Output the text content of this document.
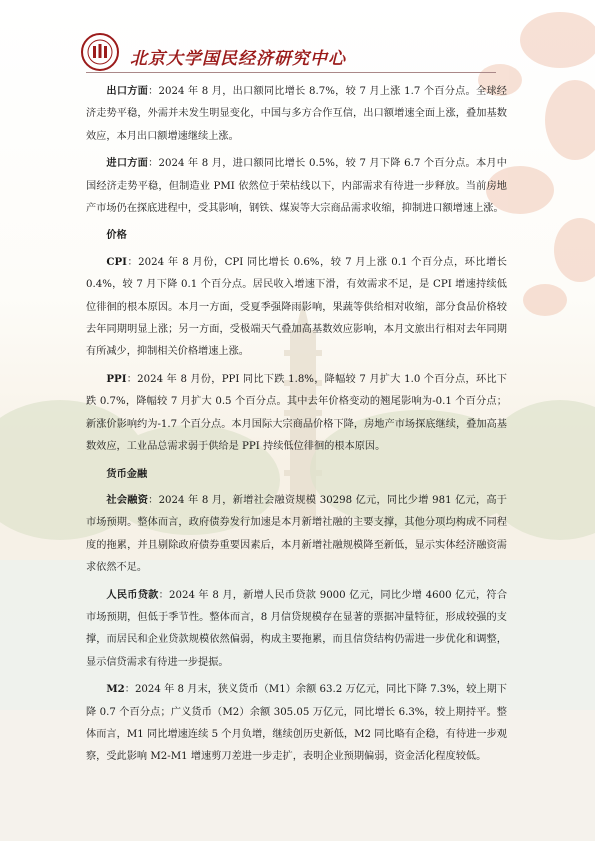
北京大学国民经济研究中心

出口方面：2024 年 8 月，出口额同比增长 8.7%，较 7 月上涨 1.7 个百分点。全球经济走势平稳，外需并未发生明显变化，中国与多方合作互信，出口额增速全面上涨，叠加基数效应，本月出口额增速继续上涨。

进口方面：2024 年 8 月，进口额同比增长 0.5%，较 7 月下降 6.7 个百分点。本月中国经济走势平稳，但制造业 PMI 依然位于荣枯线以下，内部需求有待进一步释放。当前房地产市场仍在探底进程中，受其影响，钢铁、煤炭等大宗商品需求收缩，抑制进口额增速上涨。

价格

CPI：2024 年 8 月份，CPI 同比增长 0.6%，较 7 月上涨 0.1 个百分点，环比增长 0.4%，较 7 月下降 0.1 个百分点。居民收入增速下滑，有效需求不足，是 CPI 增速持续低位徘徊的根本原因。本月一方面，受夏季强降雨影响，果蔬等供给相对收缩，部分食品价格较去年同期明显上涨；另一方面，受极端天气叠加高基数效应影响，本月文旅出行相对去年同期有所减少，抑制相关价格增速上涨。

PPI：2024 年 8 月份，PPI 同比下跌 1.8%，降幅较 7 月扩大 1.0 个百分点，环比下跌 0.7%，降幅较 7 月扩大 0.5 个百分点。其中去年价格变动的翘尾影响为-0.1 个百分点；新涨价影响约为-1.7 个百分点。本月国际大宗商品价格下降，房地产市场探底继续，叠加高基数效应，工业品总需求弱于供给是 PPI 持续低位徘徊的根本原因。

货币金融

社会融资：2024 年 8 月，新增社会融资规模 30298 亿元，同比少增 981 亿元，高于市场预期。整体而言，政府债券发行加速是本月新增社融的主要支撑，其他分项均构成不同程度的拖累，并且剔除政府债券重要因素后，本月新增社融规模降至新低，显示实体经济融资需求依然不足。

人民币贷款：2024 年 8 月，新增人民币贷款 9000 亿元，同比少增 4600 亿元，符合市场预期，但低于季节性。整体而言，8 月信贷规模存在显著的票据冲量特征，形成较强的支撑，而居民和企业贷款规模依然偏弱，构成主要拖累，而且信贷结构仍需进一步优化和调整，显示信贷需求有待进一步提振。

M2：2024 年 8 月末，狭义货币（M1）余额 63.2 万亿元，同比下降 7.3%，较上期下降 0.7 个百分点；广义货币（M2）余额 305.05 万亿元，同比增长 6.3%，较上期持平。整体而言，M1 同比增速连续 5 个月负增，继续创历史新低，M2 同比略有企稳，有待进一步观察，受此影响 M2-M1 增速剪刀差进一步走扩，表明企业预期偏弱，资金活化程度较低。
